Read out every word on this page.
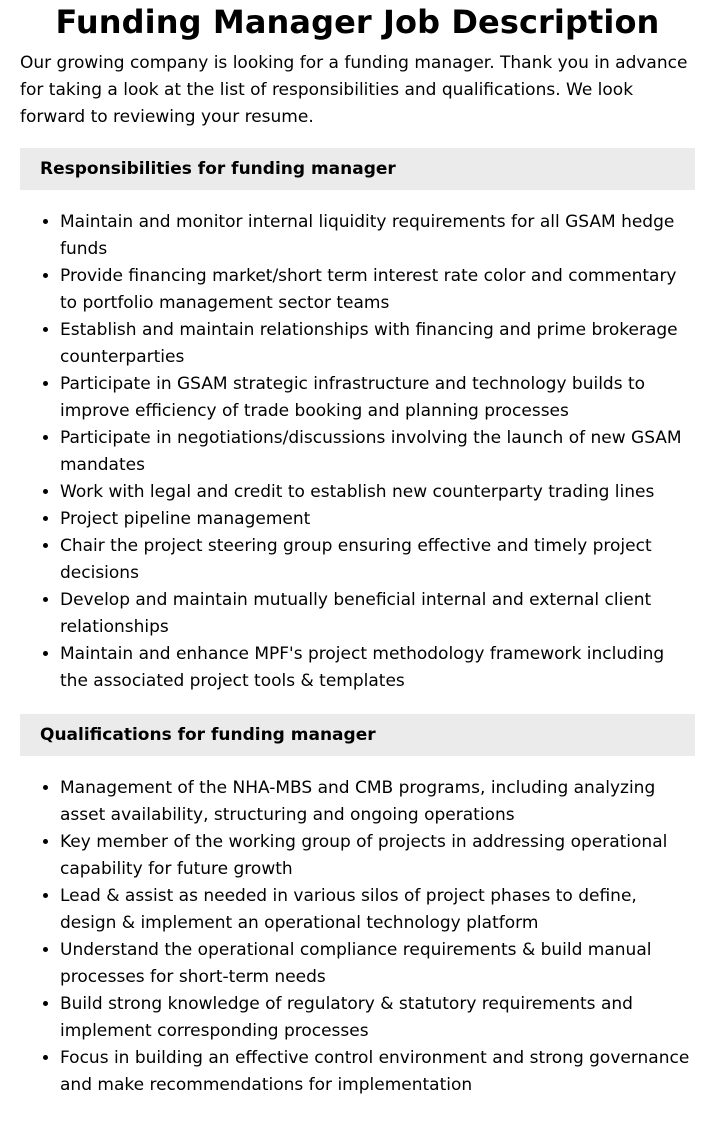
Funding Manager Job Description

Our growing company is looking for a funding manager. Thank you in advance for taking a look at the list of responsibilities and qualifications. We look forward to reviewing your resume.

Responsibilities for funding manager
• Maintain and monitor internal liquidity requirements for all GSAM hedge funds
• Provide financing market/short term interest rate color and commentary to portfolio management sector teams
• Establish and maintain relationships with financing and prime brokerage counterparties
• Participate in GSAM strategic infrastructure and technology builds to improve efficiency of trade booking and planning processes
• Participate in negotiations/discussions involving the launch of new GSAM mandates
• Work with legal and credit to establish new counterparty trading lines
• Project pipeline management
• Chair the project steering group ensuring effective and timely project decisions
• Develop and maintain mutually beneficial internal and external client relationships
• Maintain and enhance MPF's project methodology framework including the associated project tools & templates
Qualifications for funding manager
• Management of the NHA-MBS and CMB programs, including analyzing asset availability, structuring and ongoing operations
• Key member of the working group of projects in addressing operational capability for future growth
• Lead & assist as needed in various silos of project phases to define, design & implement an operational technology platform
• Understand the operational compliance requirements & build manual processes for short-term needs
• Build strong knowledge of regulatory & statutory requirements and implement corresponding processes
• Focus in building an effective control environment and strong governance and make recommendations for implementation
